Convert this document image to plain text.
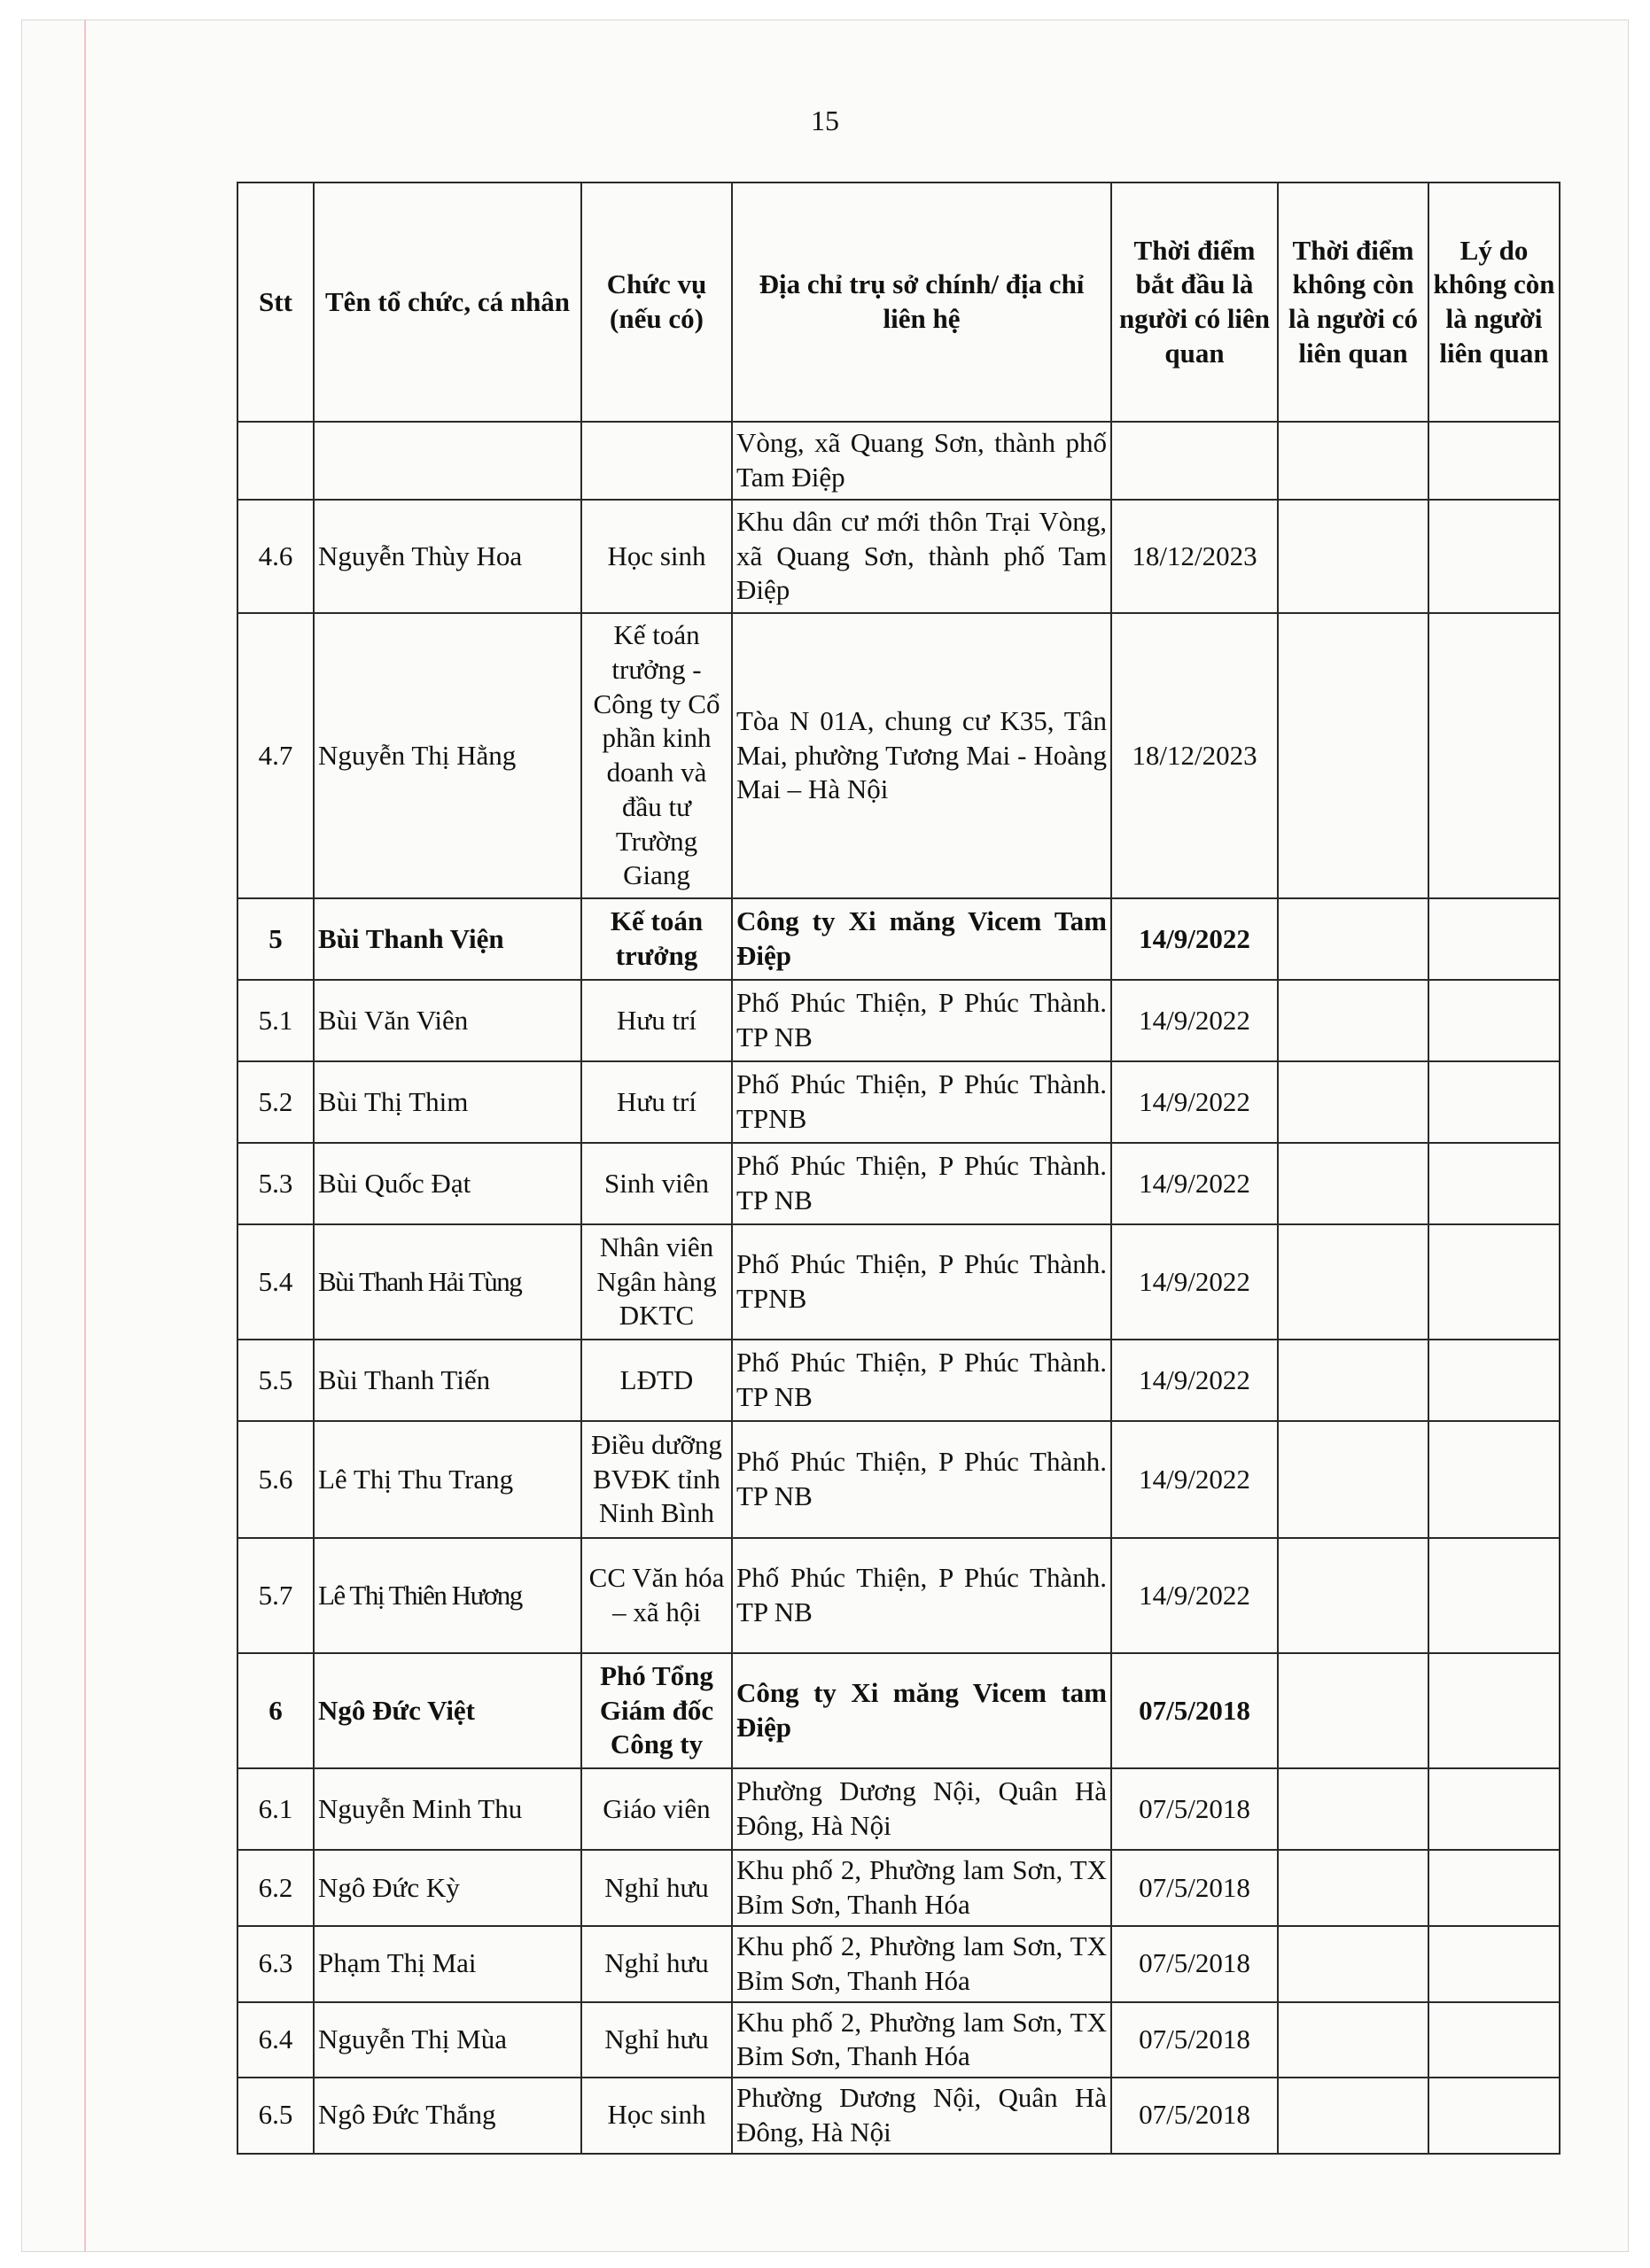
15
Stt	Tên tổ chức, cá nhân	Chức vụ (nếu có)	Địa chỉ trụ sở chính/ địa chỉ liên hệ	Thời điểm bắt đầu là người có liên quan	Thời điểm không còn là người có liên quan	Lý do không còn là người liên quan
			Vòng, xã Quang Sơn, thành phố Tam Điệp			
4.6	Nguyễn Thùy Hoa	Học sinh	Khu dân cư mới thôn Trại Vòng, xã Quang Sơn, thành phố Tam Điệp	18/12/2023		
4.7	Nguyễn Thị Hằng	Kế toán trưởng - Công ty Cổ phần kinh doanh và đầu tư Trường Giang	Tòa N 01A, chung cư K35, Tân Mai, phường Tương Mai - Hoàng Mai – Hà Nội	18/12/2023		
5	Bùi Thanh Viện	Kế toán trưởng	Công ty Xi măng Vicem Tam Điệp	14/9/2022		
5.1	Bùi Văn Viên	Hưu trí	Phố Phúc Thiện, P Phúc Thành. TP NB	14/9/2022		
5.2	Bùi Thị Thim	Hưu trí	Phố Phúc Thiện, P Phúc Thành. TPNB	14/9/2022		
5.3	Bùi Quốc Đạt	Sinh viên	Phố Phúc Thiện, P Phúc Thành. TP NB	14/9/2022		
5.4	Bùi Thanh Hải Tùng	Nhân viên Ngân hàng DKTC	Phố Phúc Thiện, P Phúc Thành. TPNB	14/9/2022		
5.5	Bùi Thanh Tiến	LĐTD	Phố Phúc Thiện, P Phúc Thành. TP NB	14/9/2022		
5.6	Lê Thị Thu Trang	Điều dưỡng BVĐK tỉnh Ninh Bình	Phố Phúc Thiện, P Phúc Thành. TP NB	14/9/2022		
5.7	Lê Thị Thiên Hương	CC Văn hóa – xã hội	Phố Phúc Thiện, P Phúc Thành. TP NB	14/9/2022		
6	Ngô Đức Việt	Phó Tổng Giám đốc Công ty	Công ty Xi măng Vicem tam Điệp	07/5/2018		
6.1	Nguyễn Minh Thu	Giáo viên	Phường Dương Nội, Quân Hà Đông, Hà Nội	07/5/2018		
6.2	Ngô Đức Kỳ	Nghỉ hưu	Khu phố 2, Phường lam Sơn, TX Bỉm Sơn, Thanh Hóa	07/5/2018		
6.3	Phạm Thị Mai	Nghỉ hưu	Khu phố 2, Phường lam Sơn, TX Bỉm Sơn, Thanh Hóa	07/5/2018		
6.4	Nguyễn Thị Mùa	Nghỉ hưu	Khu phố 2, Phường lam Sơn, TX Bỉm Sơn, Thanh Hóa	07/5/2018		
6.5	Ngô Đức Thắng	Học sinh	Phường Dương Nội, Quân Hà Đông, Hà Nội	07/5/2018		
